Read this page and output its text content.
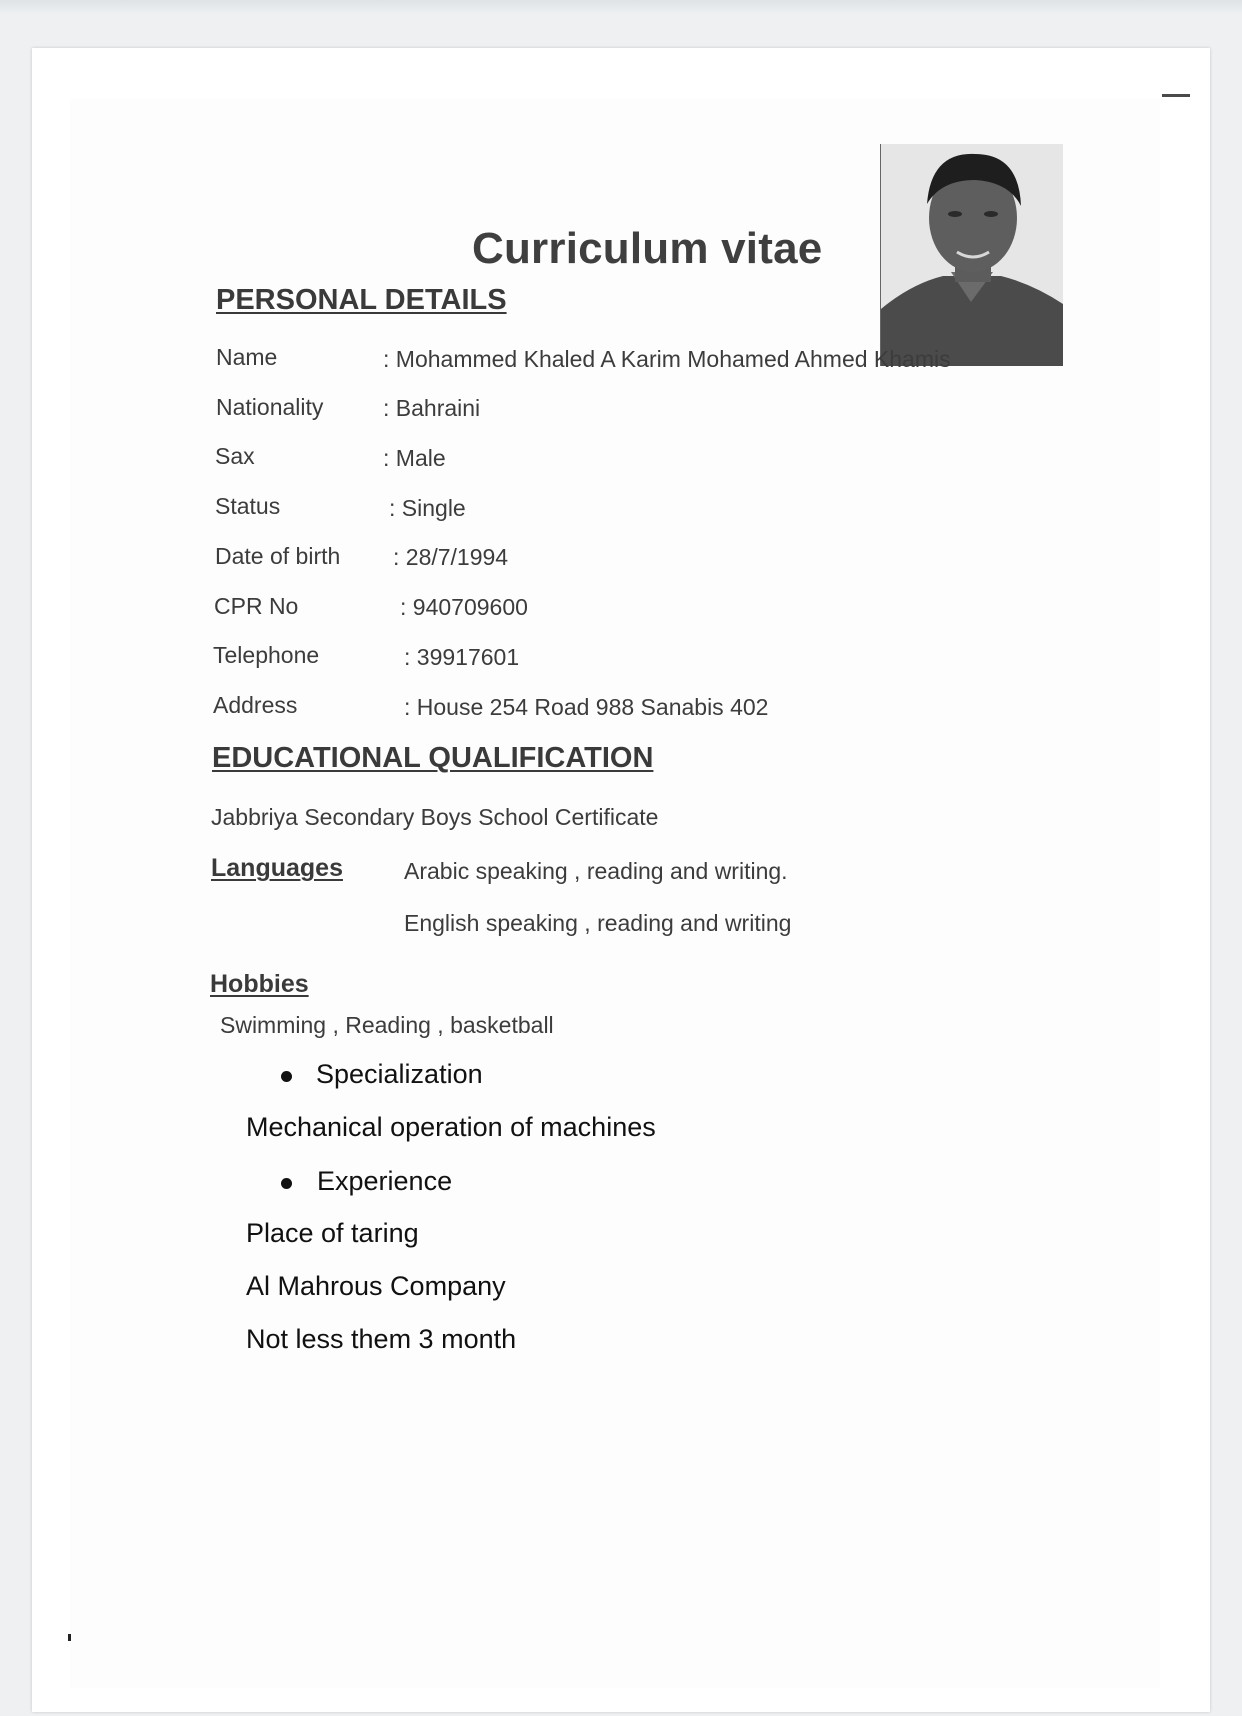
Curriculum vitae
PERSONAL DETAILS
Name	: Mohammed Khaled A Karim Mohamed Ahmed Khamis
Nationality	: Bahraini
Sax	: Male
Status	: Single
Date of birth : 28/7/1994
CPR No	: 940709600
Telephone	: 39917601
Address	: House 254 Road 988 Sanabis 402
EDUCATIONAL QUALIFICATION
Jabbriya Secondary Boys School Certificate
Languages	Arabic speaking , reading and writing.
English speaking , reading and writing
Hobbies
Swimming , Reading , basketball
Specialization
Mechanical operation of machines
Experience
Place of taring
Al Mahrous Company
Not less them 3 month
